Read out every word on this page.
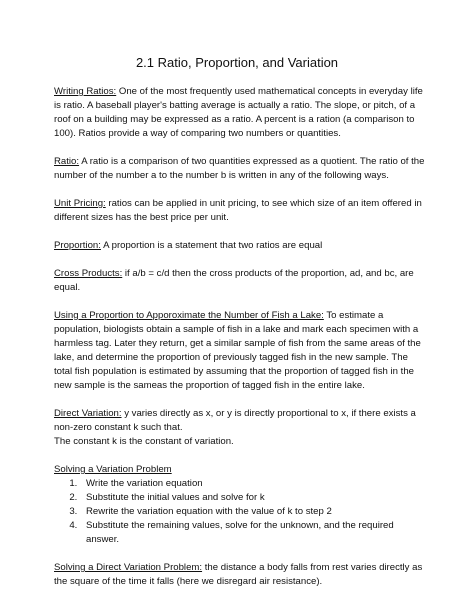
2.1 Ratio, Proportion, and Variation

Writing Ratios: One of the most frequently used mathematical concepts in everyday life is ratio. A baseball player's batting average is actually a ratio. The slope, or pitch, of a roof on a building may be expressed as a ratio. A percent is a ration (a comparison to 100). Ratios provide a way of comparing two numbers or quantities.

Ratio: A ratio is a comparison of two quantities expressed as a quotient. The ratio of the number of the number a to the number b is written in any of the following ways.

Unit Pricing: ratios can be applied in unit pricing, to see which size of an item offered in different sizes has the best price per unit.

Proportion: A proportion is a statement that two ratios are equal

Cross Products: if a/b = c/d then the cross products of the proportion, ad, and bc, are equal.

Using a Proportion to Apporoximate the Number of Fish a Lake: To estimate a population, biologists obtain a sample of fish in a lake and mark each specimen with a harmless tag. Later they return, get a similar sample of fish from the same areas of the lake, and determine the proportion of previously tagged fish in the new sample. The total fish population is estimated by assuming that the proportion of tagged fish in the new sample is the sameas the proportion of tagged fish in the entire lake.

Direct Variation: y varies directly as x, or y is directly proportional to x, if there exists a non-zero constant k such that.

The constant k is the constant of variation.

Solving a Variation Problem
1. Write the variation equation
2. Substitute the initial values and solve for k
3. Rewrite the variation equation with the value of k to step 2
4. Substitute the remaining values, solve for the unknown, and the required answer.

Solving a Direct Variation Problem: the distance a body falls from rest varies directly as the square of the time it falls (here we disregard air resistance).
